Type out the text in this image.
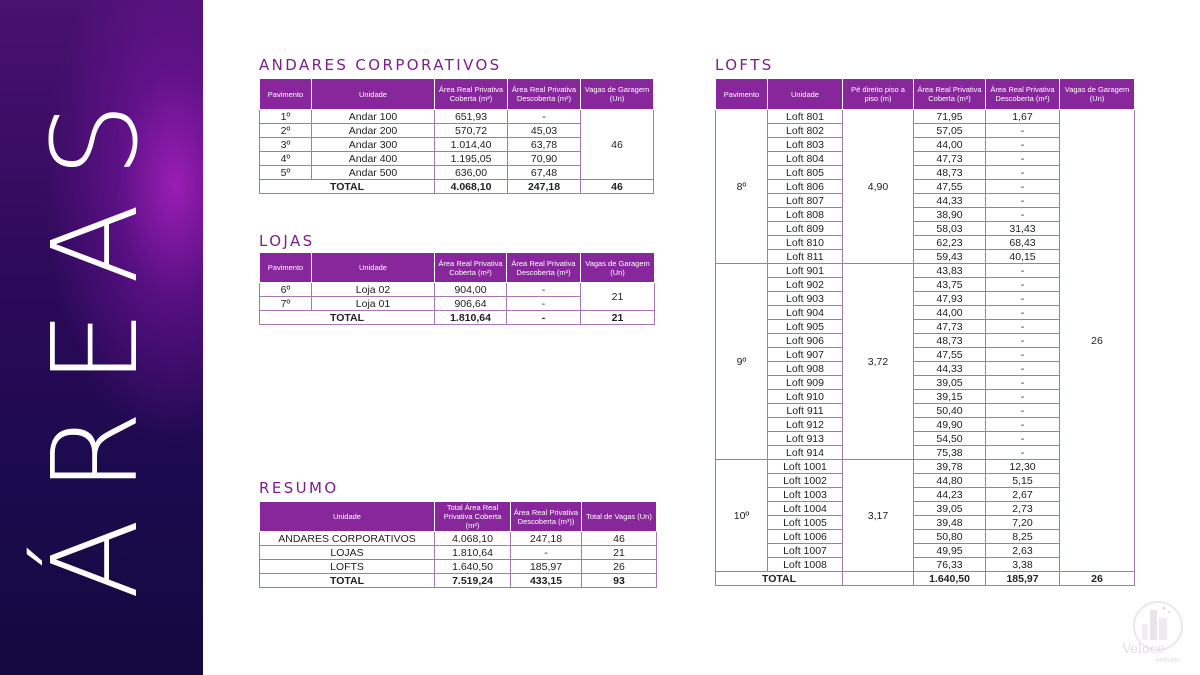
ÁREAS
ANDARES CORPORATIVOS
Pavimento	Unidade	Área Real Privativa Coberta (m²)	Área Real Privativa Descoberta (m²)	Vagas de Garagem (Un)
1º	Andar 100	651,93	-	46
2º	Andar 200	570,72	45,03	
3º	Andar 300	1.014,40	63,78	
4º	Andar 400	1.195,05	70,90	
5º	Andar 500	636,00	67,48	
TOTAL		4.068,10	247,18	46
LOJAS
Pavimento	Unidade	Área Real Privativa Coberta (m²)	Área Real Privativa Descoberta (m²)	Vagas de Garagem (Un)
6º	Loja 02	904,00	-	21
7º	Loja 01	906,64	-	
TOTAL		1.810,64	-	21
RESUMO
Unidade	Total Área Real Privativa Coberta (m²)	Área Real Privativa Descoberta (m³))	Total de Vagas (Un)
ANDARES CORPORATIVOS	4.068,10	247,18	46
LOJAS	1.810,64	-	21
LOFTS	1.640,50	185,97	26
TOTAL	7.519,24	433,15	93
LOFTS
Pavimento	Unidade	Pé direito piso a piso (m)	Área Real Privativa Coberta (m²)	Área Real Privativa Descoberta (m²)	Vagas de Garagem (Un)
8º	Loft 801	4,90	71,95	1,67	26
	Loft 802		57,05	-	
	Loft 803		44,00	-	
	Loft 804		47,73	-	
	Loft 805		48,73	-	
	Loft 806		47,55	-	
	Loft 807		44,33	-	
	Loft 808		38,90	-	
	Loft 809		58,03	31,43	
	Loft 810		62,23	68,43	
	Loft 811		59,43	40,15	
9º	Loft 901	3,72	43,83	-	
	Loft 902		43,75	-	
	Loft 903		47,93	-	
	Loft 904		44,00	-	
	Loft 905		47,73	-	
	Loft 906		48,73	-	
	Loft 907		47,55	-	
	Loft 908		44,33	-	
	Loft 909		39,05	-	
	Loft 910		39,15	-	
	Loft 911		50,40	-	
	Loft 912		49,90	-	
	Loft 913		54,50	-	
	Loft 914		75,38	-	
10º	Loft 1001	3,17	39,78	12,30	
	Loft 1002		44,80	5,15	
	Loft 1003		44,23	2,67	
	Loft 1004		39,05	2,73	
	Loft 1005		39,48	7,20	
	Loft 1006		50,80	8,25	
	Loft 1007		49,95	2,63	
	Loft 1008		76,33	3,38	
TOTAL			1.640,50	185,97	26
Veloce
imóveis
